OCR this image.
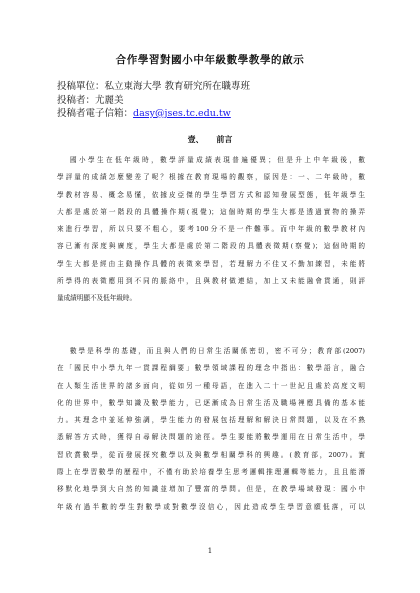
合作學習對國小中年級數學教學的啟示
投稿單位：私立東海大學 教育研究所在職專班
投稿者：尤麗美
投稿者電子信箱：dasy@jses.tc.edu.tw
壹、 前言
國小學生在低年級時，數學評量成績表現普遍優異；但是升上中年級後，數
學評量的成績怎麼變差了呢？根據在教育現場的觀察，原因是：一、二年級時，數
學教材容易、概念易懂，依據皮亞傑的學生學習方式和認知發展型態，低年級學生
大都是處於第一階段的具體操作期(視覺)；這個時期的學生大都是透過實物的操弄
來進行學習，所以只要不粗心，要考100分不是一件難事。而中年級的數學教材內
容已漸有深度與廣度，學生大都是處於第二階段的具體表徵期(察覺)；這個時期的
學生大都是經由主動操作具體的表徵來學習，若理解力不佳又不勤加練習，未能將
所學得的表徵應用到不同的脈絡中，且與教材做連結，加上又未能融會貫通，則評
量成績明顯不及低年級時。
數學是科學的基礎，而且與人們的日常生活關係密切，密不可分；教育部(2007)
在「國民中小學九年一貫課程綱要」數學領域課程的理念中指出：數學語言，融合
在人類生活世界的諸多面向，從如另一種母語，在進入二十一世紀且處於高度文明
化的世界中，數學知識及數學能力，已逐漸成為日常生活及職場裡應具備的基本能
力。其理念中並延伸強調，學生能力的發展包括理解和解決日常問題，以及在不熟
悉解答方式時，獲得自尋解決問題的途徑。學生要能將數學運用在日常生活中，學
習欣賞數學，從而發展探究數學以及與數學相關學科的興趣。(教育部，2007)。實
際上在學習數學的歷程中，不僅有助於培養學生思考邏輯推理邏輯等能力，且且能潛
移默化地學到大自然的知識並增加了豐富的學問。但是，在教學場域發現：國小中
年級有過半數的學生對數學或對數學沒信心，因此造成學生學習意願低落，可以
1
